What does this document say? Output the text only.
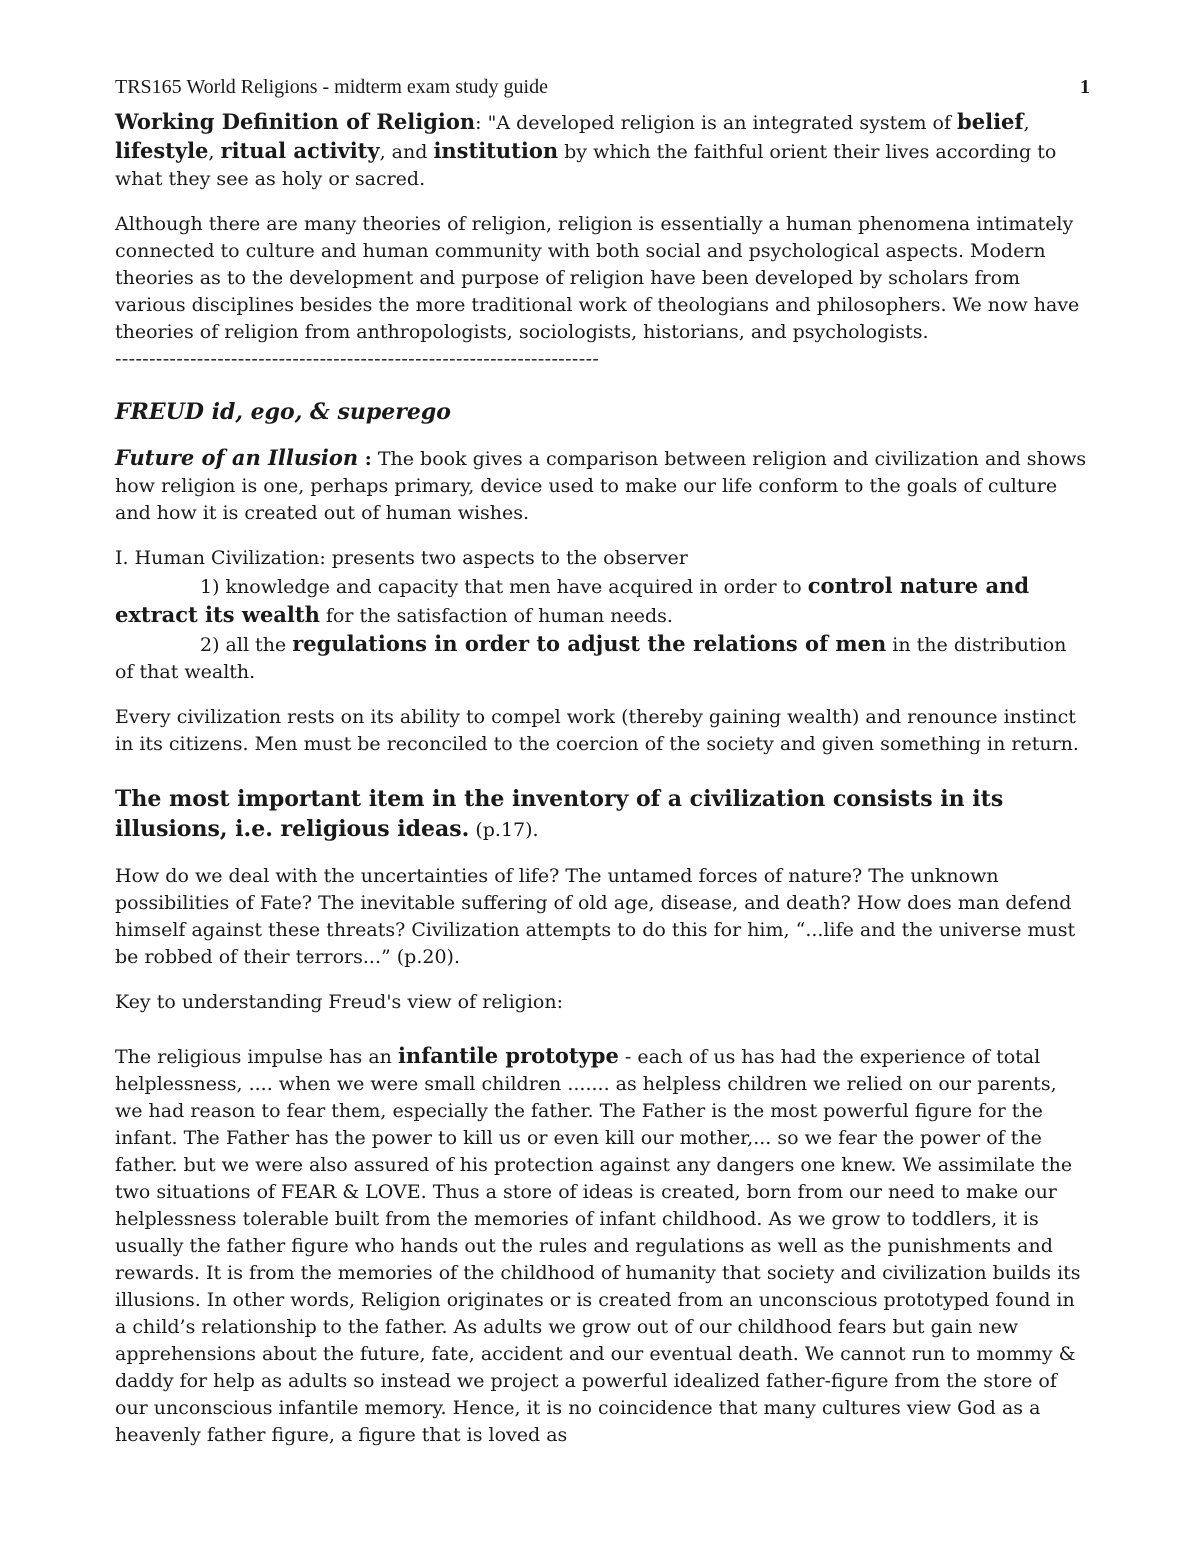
TRS165 World Religions - midterm exam study guide	1

Working Definition of Religion: "A developed religion is an integrated system of belief, lifestyle, ritual activity, and institution by which the faithful orient their lives according to what they see as holy or sacred.

Although there are many theories of religion, religion is essentially a human phenomena intimately connected to culture and human community with both social and psychological aspects. Modern theories as to the development and purpose of religion have been developed by scholars from various disciplines besides the more traditional work of theologians and philosophers. We now have theories of religion from anthropologists, sociologists, historians, and psychologists.

-----------------------------------------------------------------------

FREUD id, ego, & superego

Future of an Illusion : The book gives a comparison between religion and civilization and shows how religion is one, perhaps primary, device used to make our life conform to the goals of culture and how it is created out of human wishes.

I. Human Civilization: presents two aspects to the observer

1) knowledge and capacity that men have acquired in order to control nature and extract its wealth for the satisfaction of human needs.

2) all the regulations in order to adjust the relations of men in the distribution of that wealth.

Every civilization rests on its ability to compel work (thereby gaining wealth) and renounce instinct in its citizens. Men must be reconciled to the coercion of the society and given something in return.

The most important item in the inventory of a civilization consists in its illusions, i.e. religious ideas. (p.17).

How do we deal with the uncertainties of life? The untamed forces of nature? The unknown possibilities of Fate? The inevitable suffering of old age, disease, and death? How does man defend himself against these threats? Civilization attempts to do this for him, “...life and the universe must be robbed of their terrors...” (p.20).

Key to understanding Freud's view of religion:

The religious impulse has an infantile prototype - each of us has had the experience of total helplessness, .... when we were small children ....... as helpless children we relied on our parents, we had reason to fear them, especially the father. The Father is the most powerful figure for the infant. The Father has the power to kill us or even kill our mother,... so we fear the power of the father. but we were also assured of his protection against any dangers one knew. We assimilate the two situations of FEAR & LOVE. Thus a store of ideas is created, born from our need to make our helplessness tolerable built from the memories of infant childhood. As we grow to toddlers, it is usually the father figure who hands out the rules and regulations as well as the punishments and rewards. It is from the memories of the childhood of humanity that society and civilization builds its illusions. In other words, Religion originates or is created from an unconscious prototyped found in a child’s relationship to the father. As adults we grow out of our childhood fears but gain new apprehensions about the future, fate, accident and our eventual death. We cannot run to mommy & daddy for help as adults so instead we project a powerful idealized father-figure from the store of our unconscious infantile memory. Hence, it is no coincidence that many cultures view God as a heavenly father figure, a figure that is loved as
